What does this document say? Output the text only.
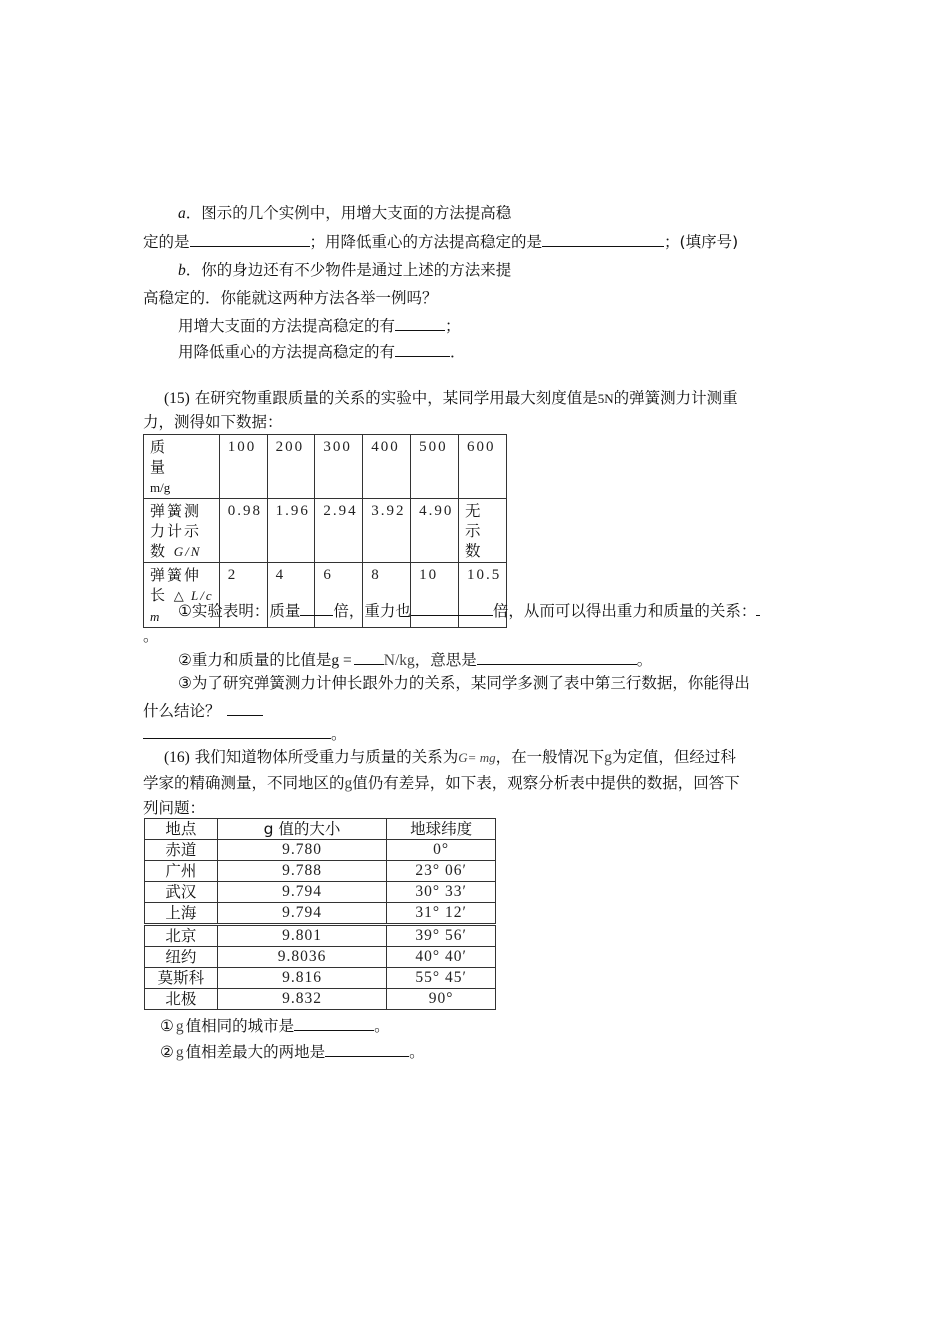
a．图示的几个实例中，用增大支面的方法提高稳
定的是	；用降低重心的方法提高稳定的是	；(填序号)
b．你的身边还有不少物件是通过上述的方法来提
高稳定的．你能就这两种方法各举一例吗？
用增大支面的方法提高稳定的有	；
用降低重心的方法提高稳定的有	．
(15) 在研究物重跟质量的关系的实验中，某同学用最大刻度值是5N的弹簧测力计测重
力，测得如下数据：
质　　量
m/g	100	200	300	400	500	600
弹簧测力计示数 G/N	0.98	1.96	2.94	3.92	4.90	无示数
弹簧伸长 △ L/cm	2	4	6	8	10	10.5
①实验表明：质量 倍，重力也	倍，从而可以得出重力和质量的关系：
。
②重力和质量的比值是g = N/kg，意思是	。
③为了研究弹簧测力计伸长跟外力的关系，某同学多测了表中第三行数据，你能得出
什么结论？
。
(16) 我们知道物体所受重力与质量的关系为G= mg，在一般情况下g为定值，但经过科
学家的精确测量，不同地区的g值仍有差异，如下表，观察分析表中提供的数据，回答下
列问题：
地点	g 值的大小	地球纬度
赤道	9.780	0°
广州	9.788	23° 06′
武汉	9.794	30° 33′
上海	9.794	31° 12′
北京	9.801	39° 56′
纽约	9.8036	40° 40′
莫斯科	9.816	55° 45′
北极	9.832	90°
① g 值相同的城市是	。
② g 值相差最大的两地是	。
